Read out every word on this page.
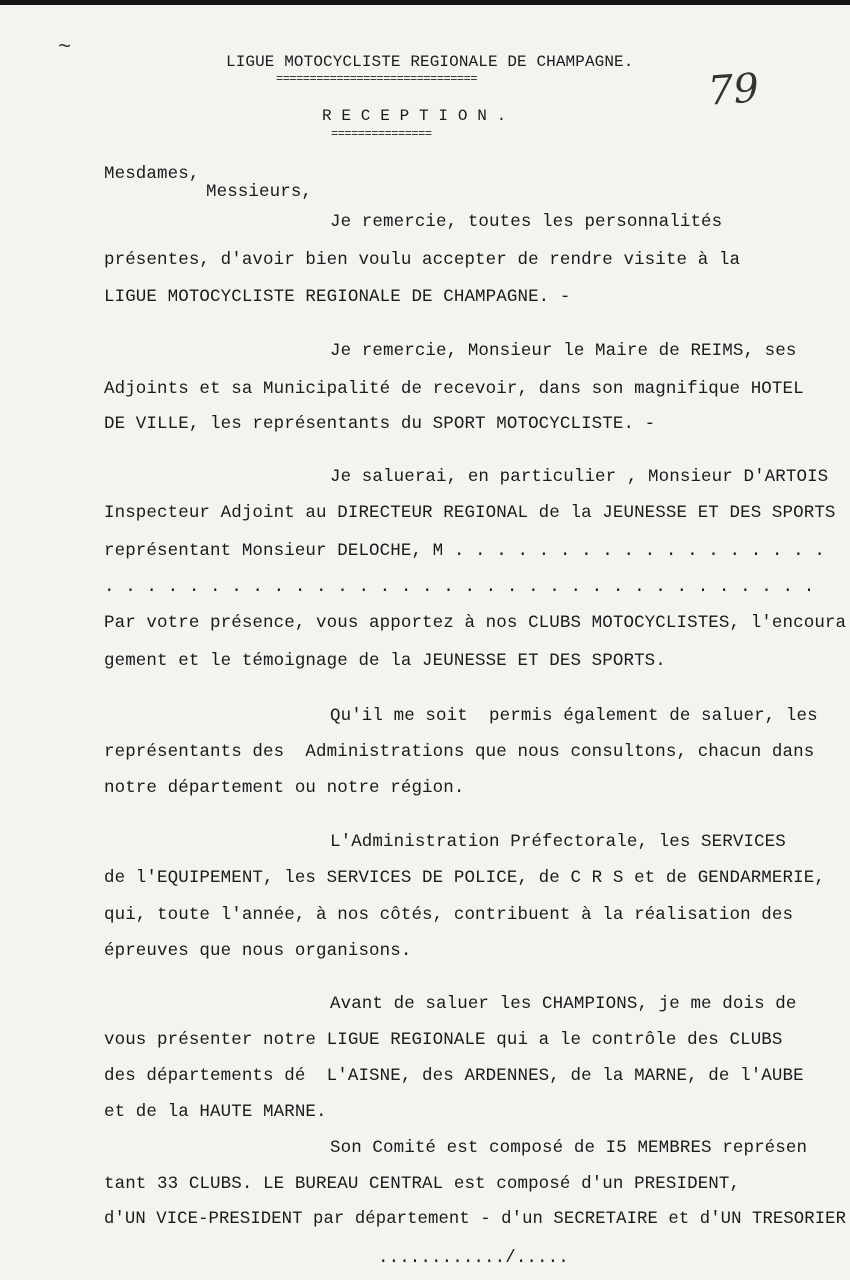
~
79
LIGUE MOTOCYCLISTE REGIONALE DE CHAMPAGNE.
==============================
R E C E P T I O N .
===============
Mesdames,
Messieurs,
Je remercie, toutes les personnalités
présentes, d'avoir bien voulu accepter de rendre visite à la
LIGUE MOTOCYCLISTE REGIONALE DE CHAMPAGNE. -
Je remercie, Monsieur le Maire de REIMS, ses
Adjoints et sa Municipalité de recevoir, dans son magnifique HOTEL
DE VILLE, les représentants du SPORT MOTOCYCLISTE. -
Je saluerai, en particulier , Monsieur D'ARTOIS
Inspecteur Adjoint au DIRECTEUR REGIONAL de la JEUNESSE ET DES SPORTS
représentant Monsieur DELOCHE, M . . . . . . . . . . . . . . . . . .
. . . . . . . . . . . . . . . . . . . . . . . . . . . . . . . . . .
Par votre présence, vous apportez à nos CLUBS MOTOCYCLISTES, l'encoura
gement et le témoignage de la JEUNESSE ET DES SPORTS.
Qu'il me soit  permis également de saluer, les
représentants des  Administrations que nous consultons, chacun dans
notre département ou notre région.
L'Administration Préfectorale, les SERVICES
de l'EQUIPEMENT, les SERVICES DE POLICE, de C R S et de GENDARMERIE,
qui, toute l'année, à nos côtés, contribuent à la réalisation des
épreuves que nous organisons.
Avant de saluer les CHAMPIONS, je me dois de
vous présenter notre LIGUE REGIONALE qui a le contrôle des CLUBS
des départements dé  L'AISNE, des ARDENNES, de la MARNE, de l'AUBE
et de la HAUTE MARNE.
Son Comité est composé de I5 MEMBRES représen
tant 33 CLUBS. LE BUREAU CENTRAL est composé d'un PRESIDENT,
d'UN VICE-PRESIDENT par département - d'un SECRETAIRE et d'UN TRESORIER
............/.....
